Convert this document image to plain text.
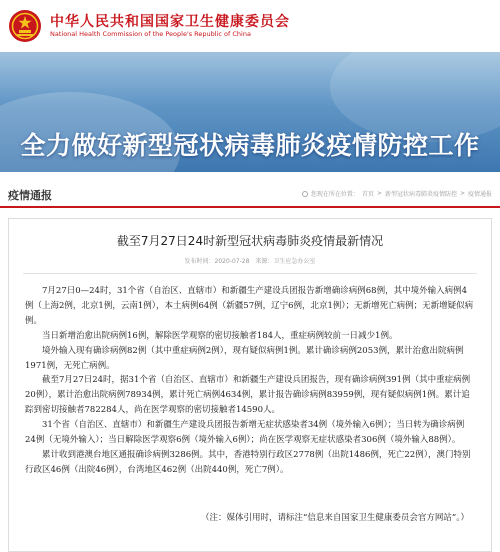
中华人民共和国国家卫生健康委员会
National Health Commission of the People's Republic of China
全力做好新型冠状病毒肺炎疫情防控工作
疫情通报	您现在所在位置： 首页 > 新型冠状病毒肺炎疫情防控 > 疫情通报
截至7月27日24时新型冠状病毒肺炎疫情最新情况
发布时间：2020-07-28 来源：卫生应急办公室

7月27日0—24时，31个省（自治区、直辖市）和新疆生产建设兵团报告新增确诊病例68例，其中境外输入病例4例（上海2例，北京1例，云南1例），本土病例64例（新疆57例，辽宁6例，北京1例）；无新增死亡病例；无新增疑似病例。

当日新增治愈出院病例16例，解除医学观察的密切接触者184人，重症病例较前一日减少1例。

境外输入现有确诊病例82例（其中重症病例2例），现有疑似病例1例。累计确诊病例2053例，累计治愈出院病例1971例，无死亡病例。

截至7月27日24时，据31个省（自治区、直辖市）和新疆生产建设兵团报告，现有确诊病例391例（其中重症病例20例），累计治愈出院病例78934例，累计死亡病例4634例，累计报告确诊病例83959例，现有疑似病例1例。累计追踪到密切接触者782284人，尚在医学观察的密切接触者14590人。

31个省（自治区、直辖市）和新疆生产建设兵团报告新增无症状感染者34例（境外输入6例）；当日转为确诊病例24例（无境外输入）；当日解除医学观察6例（境外输入6例）；尚在医学观察无症状感染者306例（境外输入88例）。

累计收到港澳台地区通报确诊病例3286例。其中，香港特别行政区2778例（出院1486例，死亡22例），澳门特别行政区46例（出院46例），台湾地区462例（出院440例，死亡7例）。

（注：媒体引用时，请标注“信息来自国家卫生健康委员会官方网站”。）
